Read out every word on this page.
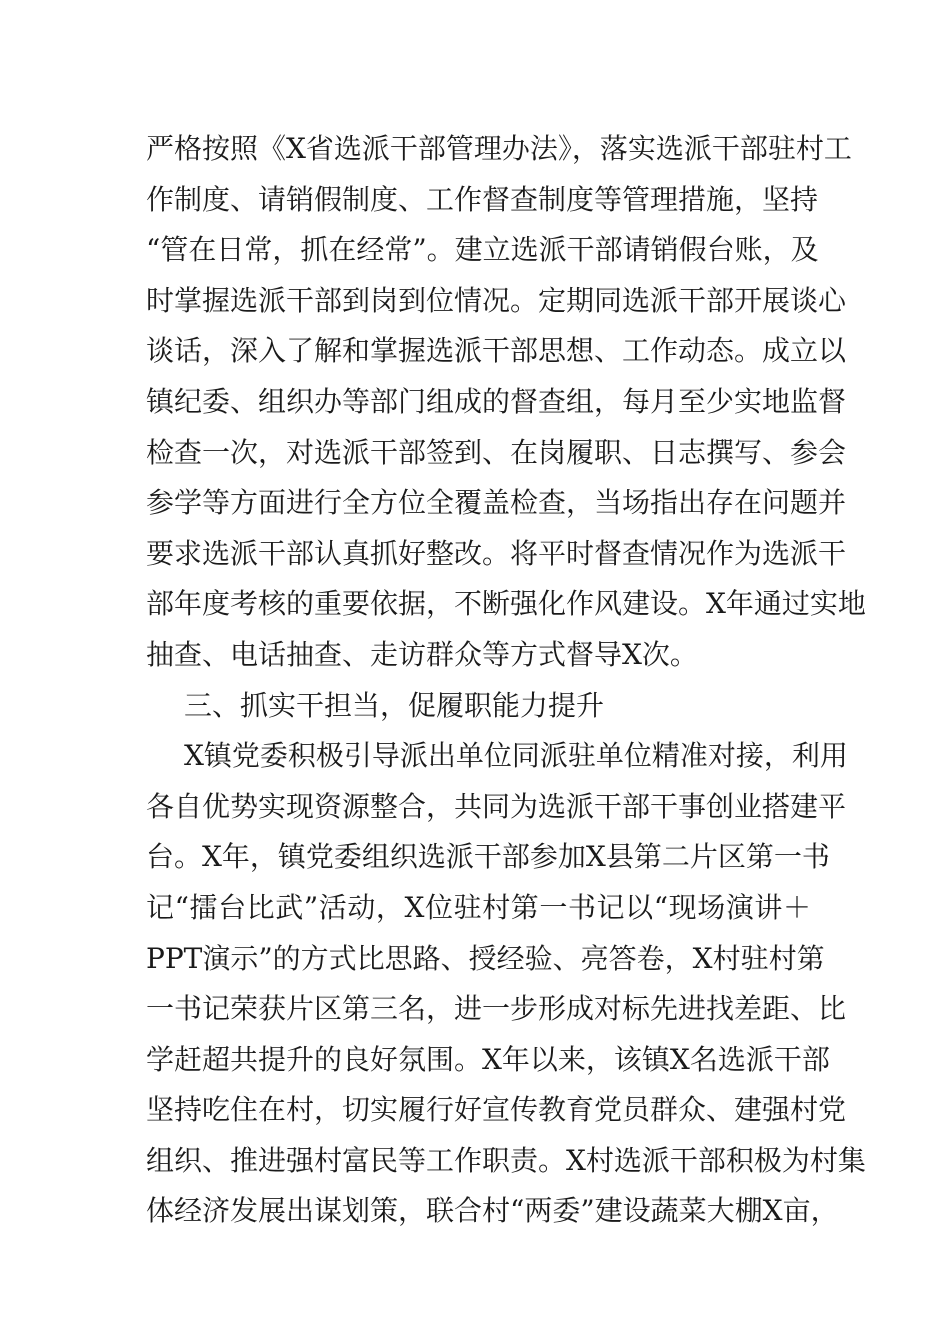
严格按照《X省选派干部管理办法》，落实选派干部驻村工
作制度、请销假制度、工作督查制度等管理措施，坚持
“管在日常，抓在经常”。建立选派干部请销假台账，及
时掌握选派干部到岗到位情况。定期同选派干部开展谈心
谈话，深入了解和掌握选派干部思想、工作动态。成立以
镇纪委、组织办等部门组成的督查组，每月至少实地监督
检查一次，对选派干部签到、在岗履职、日志撰写、参会
参学等方面进行全方位全覆盖检查，当场指出存在问题并
要求选派干部认真抓好整改。将平时督查情况作为选派干
部年度考核的重要依据，不断强化作风建设。X年通过实地
抽查、电话抽查、走访群众等方式督导X次。
三、抓实干担当，促履职能力提升
X镇党委积极引导派出单位同派驻单位精准对接，利用
各自优势实现资源整合，共同为选派干部干事创业搭建平
台。X年，镇党委组织选派干部参加X县第二片区第一书
记“擂台比武”活动，X位驻村第一书记以“现场演讲＋
PPT演示”的方式比思路、授经验、亮答卷，X村驻村第
一书记荣获片区第三名，进一步形成对标先进找差距、比
学赶超共提升的良好氛围。X年以来，该镇X名选派干部
坚持吃住在村，切实履行好宣传教育党员群众、建强村党
组织、推进强村富民等工作职责。X村选派干部积极为村集
体经济发展出谋划策，联合村“两委”建设蔬菜大棚X亩，
